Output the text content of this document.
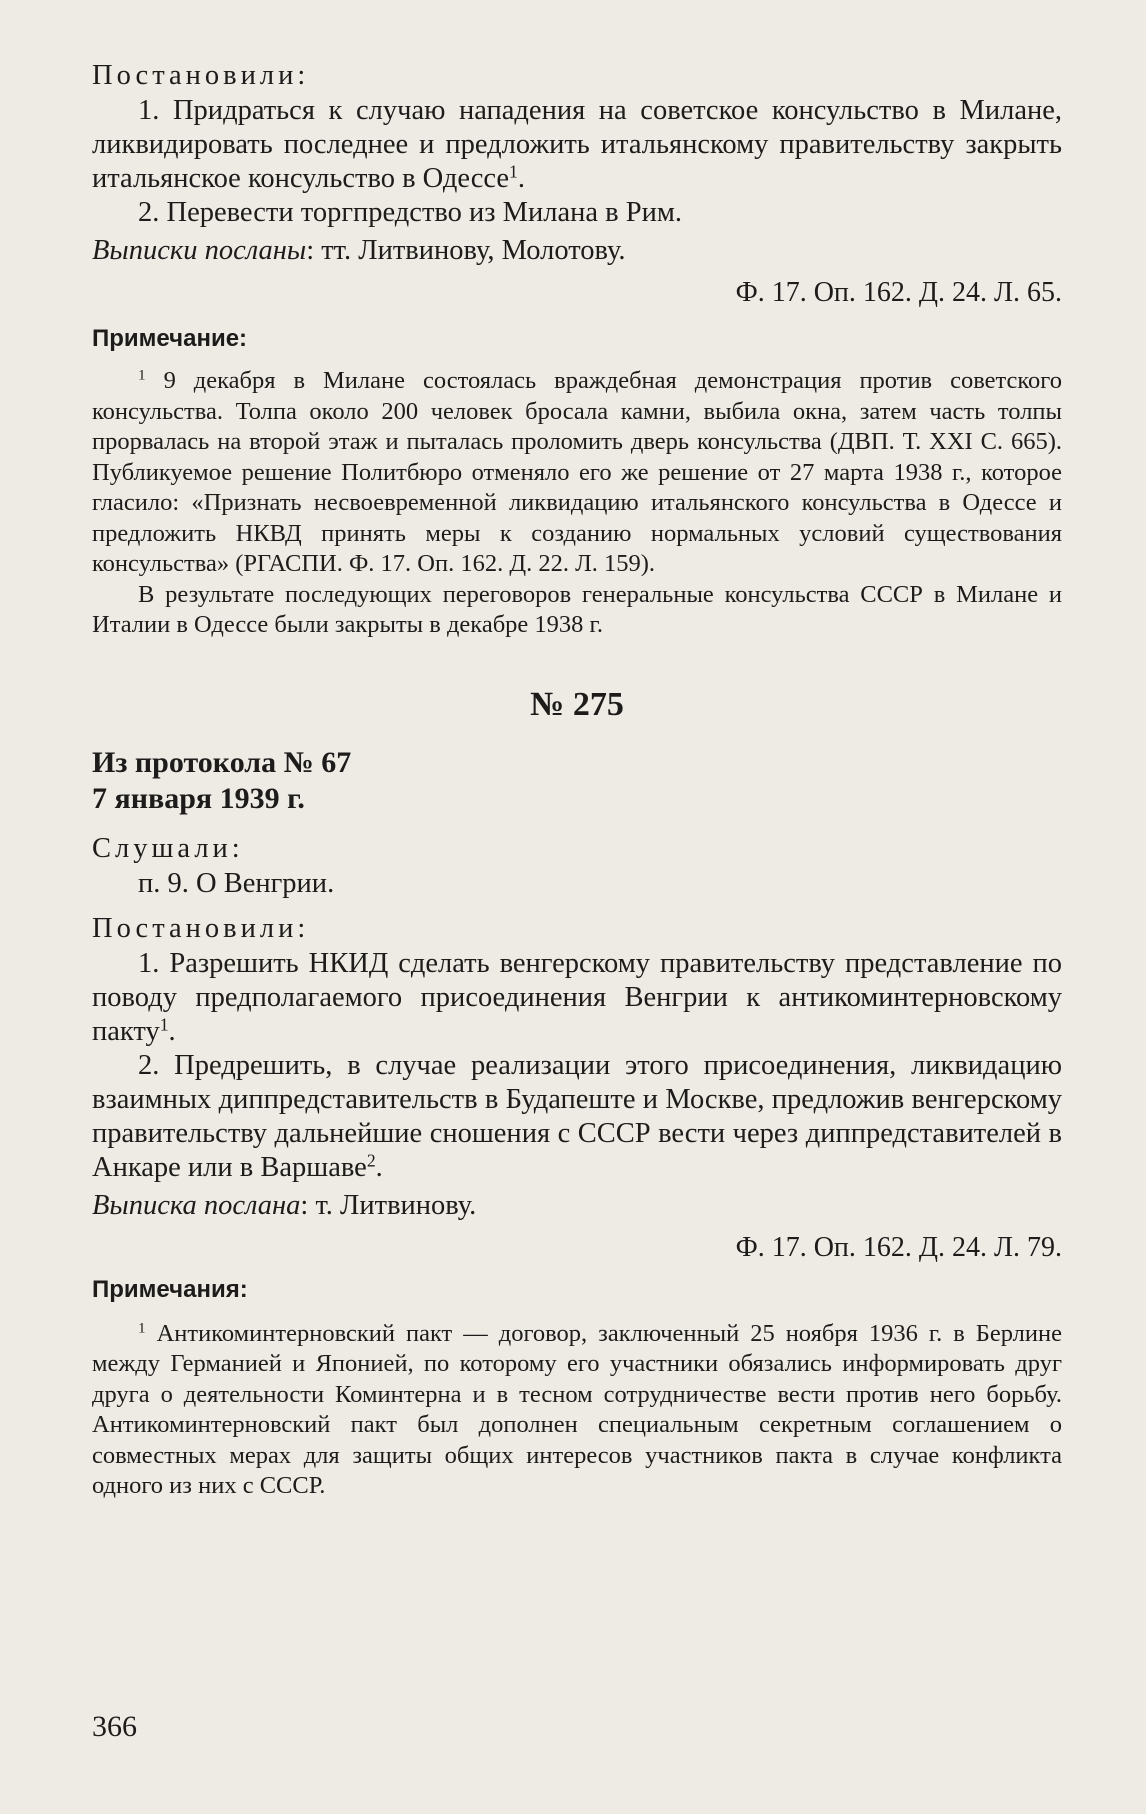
Постановили:

1. Придраться к случаю нападения на советское консульство в Милане, ликвидировать последнее и предложить итальянскому правительству закрыть итальянское консульство в Одессе$^1$.

2. Перевести торгпредство из Милана в Рим.

Выписки посланы: тт. Литвинову, Молотову.

Ф. 17. Оп. 162. Д. 24. Л. 65.

Примечание:

$^1$ 9 декабря в Милане состоялась враждебная демонстрация против советского консульства. Толпа около 200 человек бросала камни, выбила окна, затем часть толпы прорвалась на второй этаж и пыталась проломить дверь консульства (ДВП. Т. XXI С. 665). Публикуемое решение Политбюро отменяло его же решение от 27 марта 1938 г., которое гласило: «Признать несвоевременной ликвидацию итальянского консульства в Одессе и предложить НКВД принять меры к созданию нормальных условий существования консульства» (РГАСПИ. Ф. 17. Оп. 162. Д. 22. Л. 159).

В результате последующих переговоров генеральные консульства СССР в Милане и Италии в Одессе были закрыты в декабре 1938 г.

№ 275

Из протокола № 67

7 января 1939 г.

Слушали:

п. 9. О Венгрии.

Постановили:

1. Разрешить НКИД сделать венгерскому правительству представление по поводу предполагаемого присоединения Венгрии к антикоминтерновскому пакту$^1$.

2. Предрешить, в случае реализации этого присоединения, ликвидацию взаимных диппредставительств в Будапеште и Москве, предложив венгерскому правительству дальнейшие сношения с СССР вести через диппредставителей в Анкаре или в Варшаве$^2$.

Выписка послана: т. Литвинову.

Ф. 17. Оп. 162. Д. 24. Л. 79.

Примечания:

$^1$ Антикоминтерновский пакт — договор, заключенный 25 ноября 1936 г. в Берлине между Германией и Японией, по которому его участники обязались информировать друг друга о деятельности Коминтерна и в тесном сотрудничестве вести против него борьбу. Антикоминтерновский пакт был дополнен специальным секретным соглашением о совместных мерах для защиты общих интересов участников пакта в случае конфликта одного из них с СССР.

366
